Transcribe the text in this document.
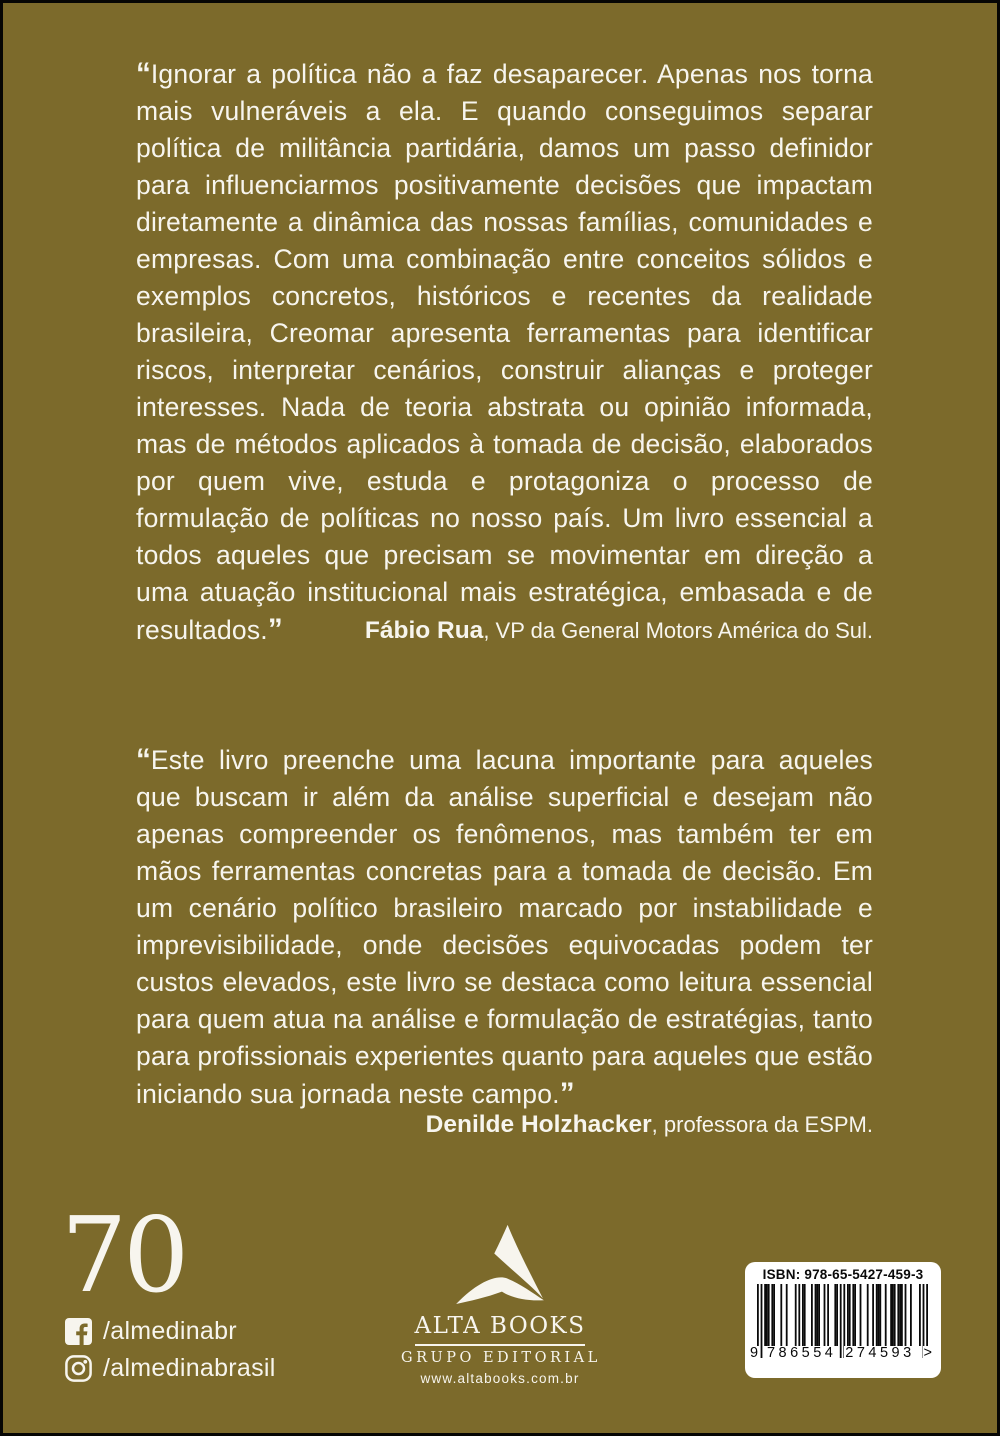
“Ignorar a política não a faz desaparecer. Apenas nos torna mais vulneráveis a ela. E quando conseguimos separar política de militância partidária, damos um passo definidor para influenciarmos positivamente decisões que impactam diretamente a dinâmica das nossas famílias, comunidades e empresas. Com uma combinação entre conceitos sólidos e exemplos concretos, históricos e recentes da realidade brasileira, Creomar apresenta ferramentas para identificar riscos, interpretar cenários, construir alianças e proteger interesses. Nada de teoria abstrata ou opinião informada, mas de métodos aplicados à tomada de decisão, elaborados por quem vive, estuda e protagoniza o processo de formulação de políticas no nosso país. Um livro essencial a todos aqueles que precisam se movimentar em direção a uma atuação institucional mais estratégica, embasada e de resultados.”	Fábio Rua, VP da General Motors América do Sul.

“Este livro preenche uma lacuna importante para aqueles que buscam ir além da análise superficial e desejam não apenas compreender os fenômenos, mas também ter em mãos ferramentas concretas para a tomada de decisão. Em um cenário político brasileiro marcado por instabilidade e imprevisibilidade, onde decisões equivocadas podem ter custos elevados, este livro se destaca como leitura essencial para quem atua na análise e formulação de estratégias, tanto para profissionais experientes quanto para aqueles que estão iniciando sua jornada neste campo.”

Denilde Holzhacker, professora da ESPM.
70
/almedinabr
/almedinabrasil
ALTA BOOKS
GRUPO EDITORIAL
www.altabooks.com.br
ISBN: 978-65-5427-459-3
9 786554 274593 >
